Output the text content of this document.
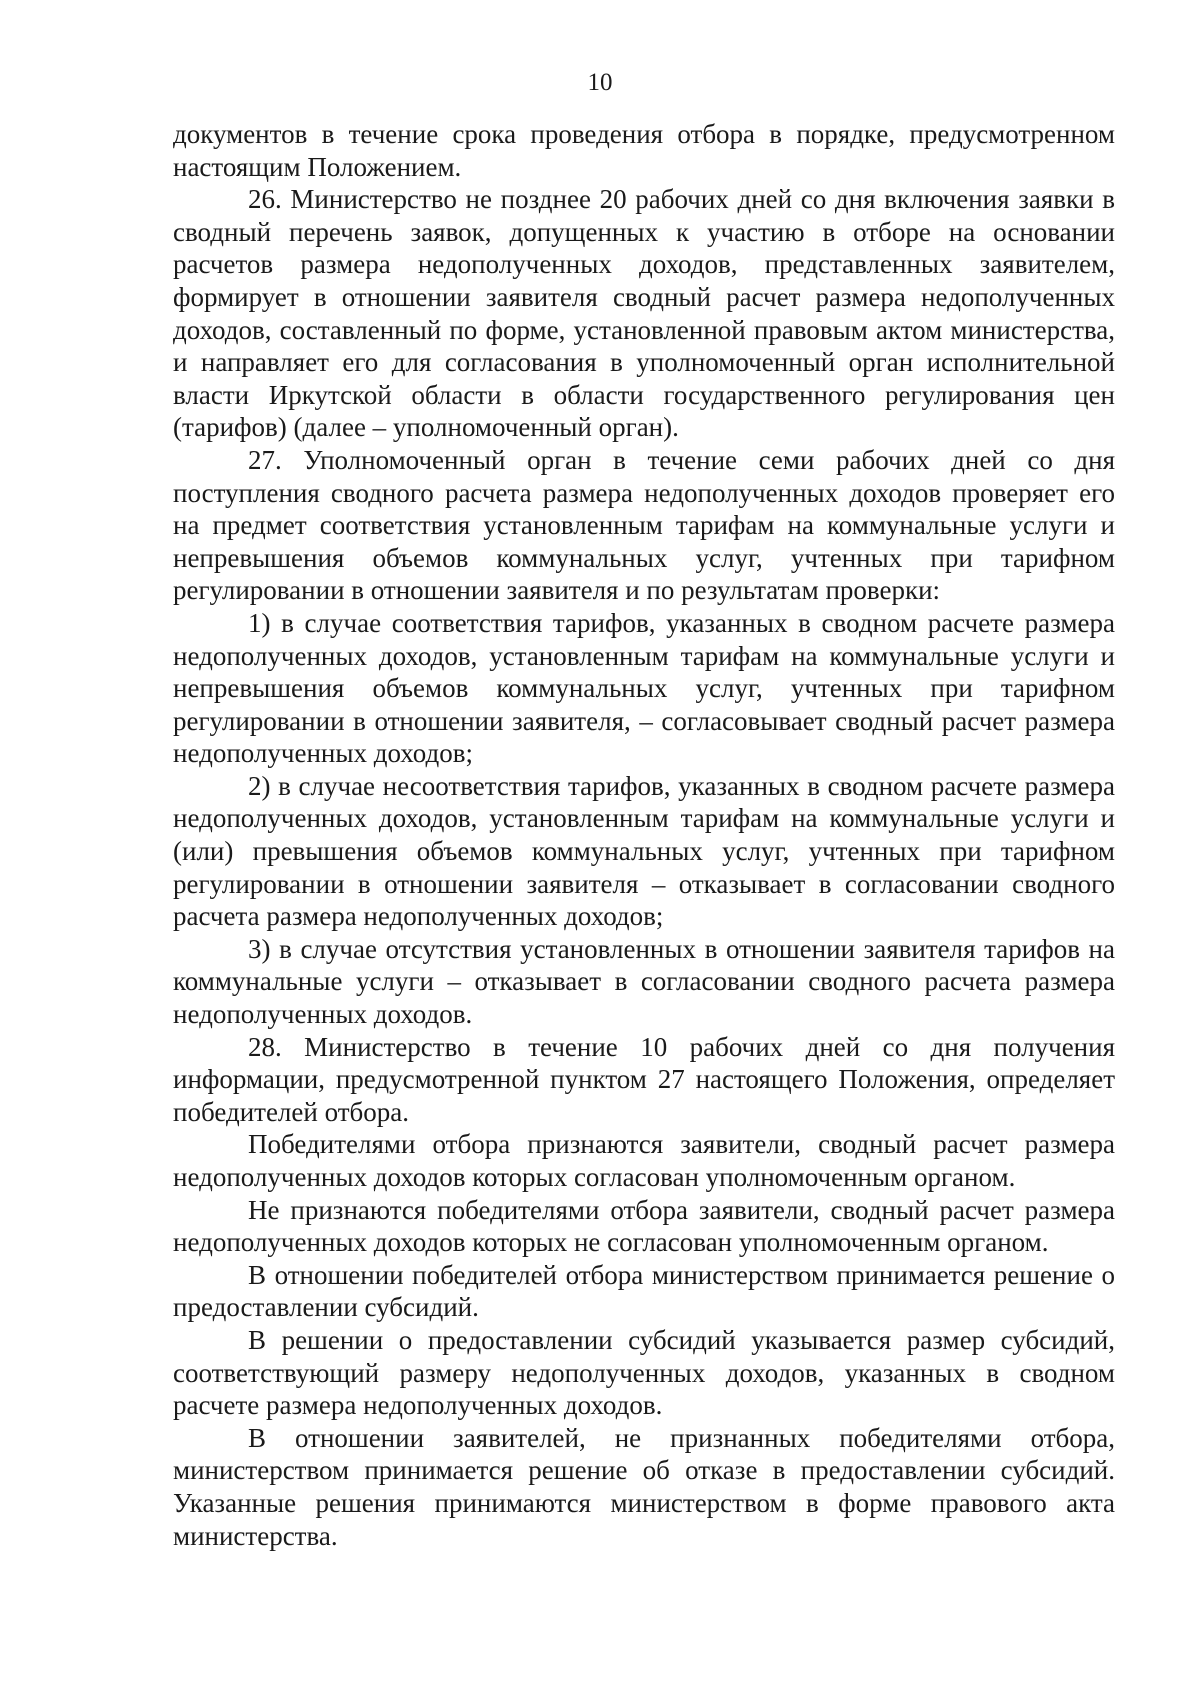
10

документов в течение срока проведения отбора в порядке, предусмотренном настоящим Положением.

26. Министерство не позднее 20 рабочих дней со дня включения заявки в сводный перечень заявок, допущенных к участию в отборе на основании расчетов размера недополученных доходов, представленных заявителем, формирует в отношении заявителя сводный расчет размера недополученных доходов, составленный по форме, установленной правовым актом министерства, и направляет его для согласования в уполномоченный орган исполнительной власти Иркутской области в области государственного регулирования цен (тарифов) (далее – уполномоченный орган).

27. Уполномоченный орган в течение семи рабочих дней со дня поступления сводного расчета размера недополученных доходов проверяет его на предмет соответствия установленным тарифам на коммунальные услуги и непревышения объемов коммунальных услуг, учтенных при тарифном регулировании в отношении заявителя и по результатам проверки:

1) в случае соответствия тарифов, указанных в сводном расчете размера недополученных доходов, установленным тарифам на коммунальные услуги и непревышения объемов коммунальных услуг, учтенных при тарифном регулировании в отношении заявителя, – согласовывает сводный расчет размера недополученных доходов;

2) в случае несоответствия тарифов, указанных в сводном расчете размера недополученных доходов, установленным тарифам на коммунальные услуги и (или) превышения объемов коммунальных услуг, учтенных при тарифном регулировании в отношении заявителя – отказывает в согласовании сводного расчета размера недополученных доходов;

3) в случае отсутствия установленных в отношении заявителя тарифов на коммунальные услуги – отказывает в согласовании сводного расчета размера недополученных доходов.

28. Министерство в течение 10 рабочих дней со дня получения информации, предусмотренной пунктом 27 настоящего Положения, определяет победителей отбора.

Победителями отбора признаются заявители, сводный расчет размера недополученных доходов которых согласован уполномоченным органом.

Не признаются победителями отбора заявители, сводный расчет размера недополученных доходов которых не согласован уполномоченным органом.

В отношении победителей отбора министерством принимается решение о предоставлении субсидий.

В решении о предоставлении субсидий указывается размер субсидий, соответствующий размеру недополученных доходов, указанных в сводном расчете размера недополученных доходов.

В отношении заявителей, не признанных победителями отбора, министерством принимается решение об отказе в предоставлении субсидий. Указанные решения принимаются министерством в форме правового акта министерства.
